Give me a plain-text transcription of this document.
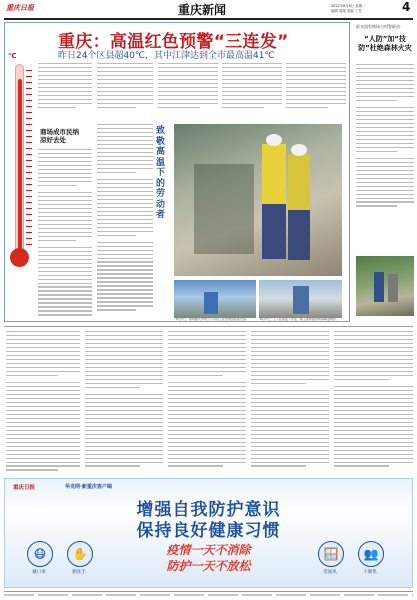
重庆日报	重庆新闻	2022年8月8日 星期一
编辑 周翔 美编 丁龙	4
重庆：高温红色预警“三连发”
昨日24个区县超40℃，其中江津达到全市最高温41℃
℃
商场成市民纳凉好去处
致敬高温下的劳动者
8月7日，国网重庆市电力公司员工在变电站检查设备。	8月7日，工人在高温下作业，施工现场提供防暑降温物资。
彭水国有林场与村警联动：
“人防”加“技防”杜绝森林火灾
重庆日报	华龙网·新重庆客户端
增强自我防护意识
保持良好健康习惯
疫情一天不消除
防护一天不放松
😷
戴口罩
✋
勤洗手
🪟
常通风
👥
不聚集
